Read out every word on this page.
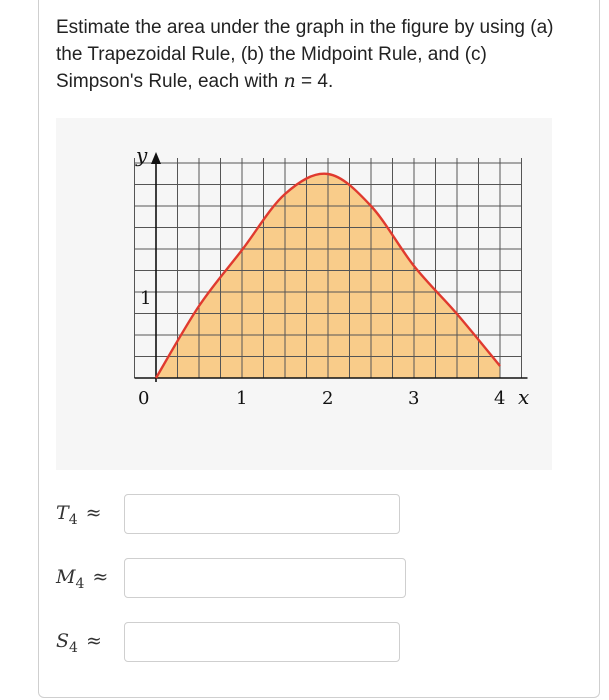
Estimate the area under the graph in the figure by using (a) the Trapezoidal Rule, (b) the Midpoint Rule, and (c) Simpson's Rule, each with n = 4.
y
0
1
1	2	3	4 x
$T_4$ ≈
$M_4$ ≈
$S_4$ ≈
